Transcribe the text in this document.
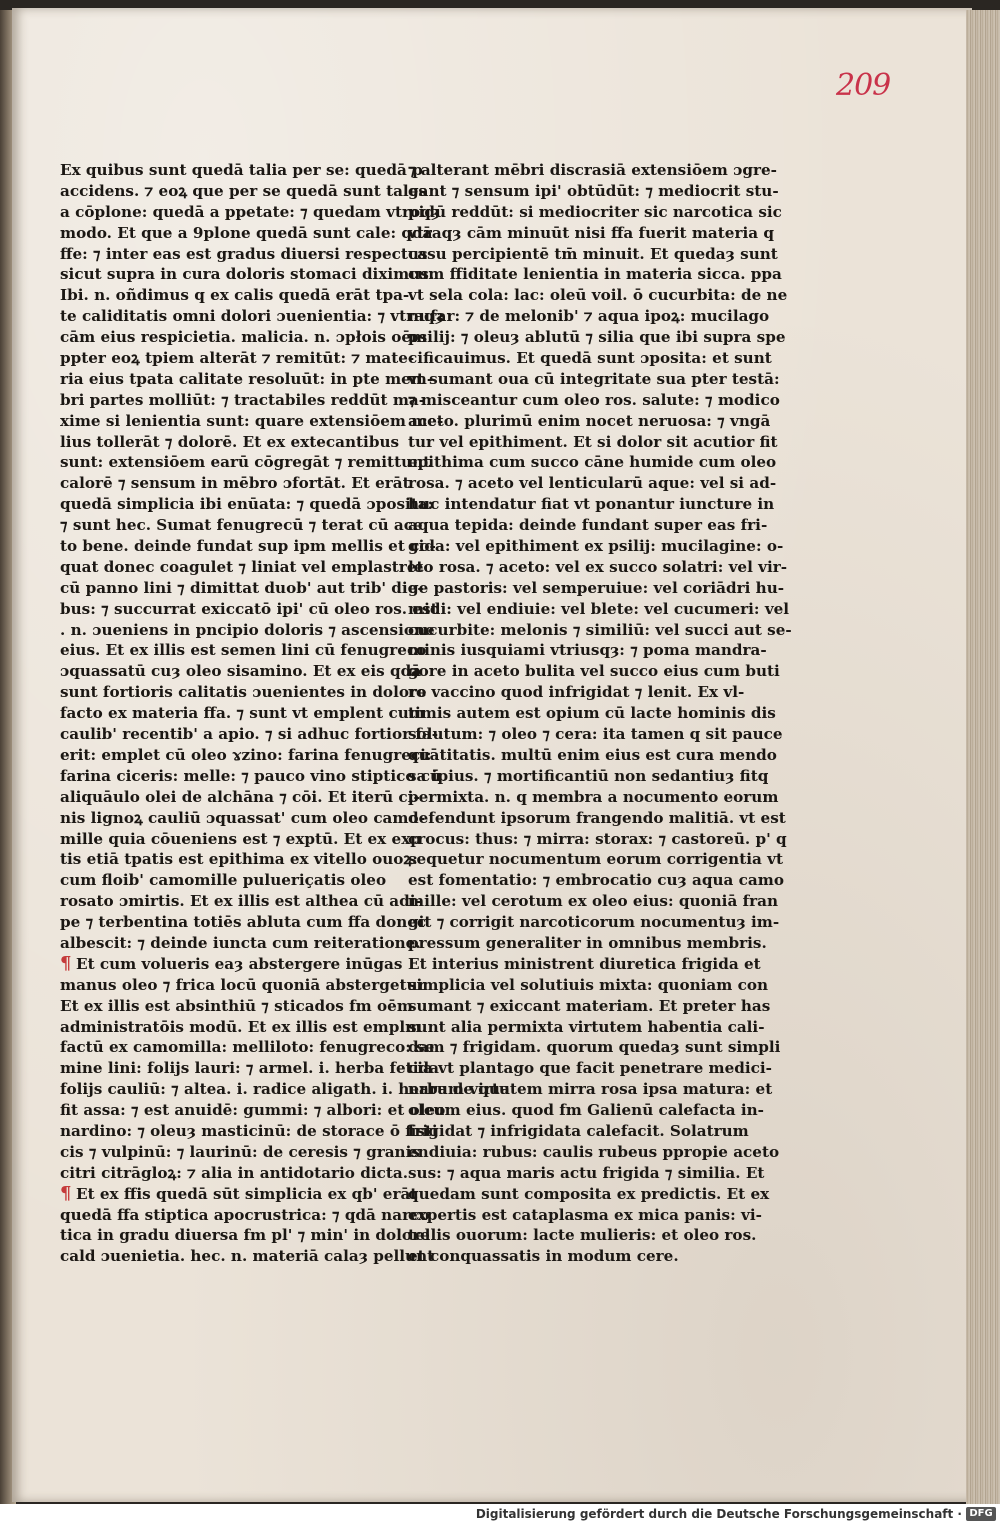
209
Ex quibus sunt quedā talia per se: quedā p
accidens. ⁊ eoꝝ que per se quedā sunt tales
a cōplone: quedā a ppetate: ⁊ quedam vtroqȝ
modo. Et que a 9plone quedā sunt cale: qdā
ffe: ⁊ inter eas est gradus diuersi respectus
sicut supra in cura doloris stomaci diximus.
Ibi. n. oñdimus q ex calis quedā erāt tpa-
te caliditatis omni dolori ɔuenientia: ⁊ vtraqȝ
cām eius respicietia. malicia. n. ɔpłois oēm
ppter eoꝝ tpiem alterāt ⁊ remitūt: ⁊ mate-
ria eius tpata calitate resoluūt: in pte mem-
bri partes molliūt: ⁊ tractabiles reddūt ma-
xime si lenientia sunt: quare extensiōem me-
lius tollerāt ⁊ dolorē. Et ex extecantibus
sunt: extensiōem earū cōgregāt ⁊ remittunt
calorē ⁊ sensum in mēbro ɔfortāt. Et erāt
quedā simplicia ibi enūata: ⁊ quedā ɔposita:
⁊ sunt hec. Sumat fenugrecū ⁊ terat cū ace
to bene. deinde fundat sup ipm mellis et co-
quat donec coagulet ⁊ liniat vel emplastret
cū panno lini ⁊ dimittat duob' aut trib' die-
bus: ⁊ succurrat exiccatō ipi' cū oleo ros. est
. n. ɔueniens in pncipio doloris ⁊ ascensione
eius. Et ex illis est semen lini cū fenugreco
ɔquassatū cuȝ oleo sisamino. Et ex eis qdā
sunt fortioris calitatis ɔuenientes in dolore
facto ex materia ffa. ⁊ sunt vt emplent cum
caulib' recentib' a apio. ⁊ si adhuc fortior fa-
erit: emplet cū oleo ɤzino: farina fenugreci:
farina ciceris: melle: ⁊ pauco vino stiptico cū
aliquāulo olei de alchāna ⁊ cōi. Et iterū ci-
nis lignoꝝ cauliū ɔquassat' cum oleo camo-
mille quia cōueniens est ⁊ exptū. Et ex exp
tis etiā tpatis est epithima ex vitello ouoꝝ:
cum floib' camomille pulueriçatis oleo
rosato ɔmirtis. Et ex illis est althea cū adi-
pe ⁊ terbentina totiēs abluta cum ffa donec
albescit: ⁊ deinde iuncta cum reiteratione.
¶ Et cum volueris eaȝ abstergere inūgas
manus oleo ⁊ frica locū quoniā abstergetur
Et ex illis est absinthiū ⁊ sticados fm oēm
administratōis modū. Et ex illis est emplm
factū ex camomilla: melliloto: fenugreco: se
mine lini: folijs lauri: ⁊ armel. i. herba fetida
folijs cauliū: ⁊ altea. i. radice aligath. i. herba de qua
fit assa: ⁊ est anuidē: gummi: ⁊ albori: et oleo
nardino: ⁊ oleuȝ masticinū: de storace ō fisti
cis ⁊ vulpinū: ⁊ laurinū: de ceresis ⁊ granis
citri citrāgloꝝ: ⁊ alia in antidotario dicta.
¶ Et ex ffis quedā sūt simplicia ex qb' erāt
quedā ffa stiptica apocrustrica: ⁊ qdā narco
tica in gradu diuersa fm pl' ⁊ min' in dolore
cald ɔuenietia. hec. n. materiā calaȝ pellunt
⁊ alterant mēbri discrasiā extensiōem ɔgre-
gant ⁊ sensum ipi' obtūdūt: ⁊ mediocrit stu-
pidū reddūt: si mediocriter sic narcotica sic
vtraqȝ cām minuūt nisi ffa fuerit materia q
casu percipientē tm̄ minuit. Et quedaȝ sunt
cum ffiditate lenientia in materia sicca. ppa
vt sela cola: lac: oleū voil. ō cucurbita: de ne
nufar: ⁊ de melonib' ⁊ aqua ipoꝝ: mucilago
psilij: ⁊ oleuȝ ablutū ⁊ silia que ibi supra spe
cificauimus. Et quedā sunt ɔposita: et sunt
vt sumant oua cū integritate sua pter testā:
⁊ misceantur cum oleo ros. salute: ⁊ modico
aceto. plurimū enim nocet neruosa: ⁊ vngā
tur vel epithiment. Et si dolor sit acutior fit
epithima cum succo cāne humide cum oleo
rosa. ⁊ aceto vel lenticularū aque: vel si ad-
huc intendatur fiat vt ponantur iuncture in
aqua tepida: deinde fundant super eas fri-
gida: vel epithiment ex psilij: mucilagine: o-
leo rosa. ⁊ aceto: vel ex succo solatri: vel vir-
ge pastoris: vel semperuiue: vel coriādri hu-
midi: vel endiuie: vel blete: vel cucumeri: vel
cucurbite: melonis ⁊ similiū: vel succi aut se-
minis iusquiami vtriusqȝ: ⁊ poma mandra-
gore in aceto bulita vel succo eius cum buti
ro vaccino quod infrigidat ⁊ lenit. Ex vl-
timis autem est opium cū lacte hominis dis
solutum: ⁊ oleo ⁊ cera: ita tamen q sit pauce
quātitatis. multū enim eius est cura mendo
sa ipius. ⁊ mortificantiū non sedantiuȝ fitq
permixta. n. q membra a nocumento eorum
defendunt ipsorum frangendo malitiā. vt est
crocus: thus: ⁊ mirra: storax: ⁊ castoreū. p' q
sequetur nocumentum eorum corrigentia vt
est fomentatio: ⁊ embrocatio cuȝ aqua camo
mille: vel cerotum ex oleo eius: quoniā fran
git ⁊ corrigit narcoticorum nocumentuȝ im-
pressum generaliter in omnibus membris.
Et interius ministrent diuretica frigida et
simplicia vel solutiuis mixta: quoniam con
sumant ⁊ exiccant materiam. Et preter has
sunt alia permixta virtutem habentia cali-
dam ⁊ frigidam. quorum quedaȝ sunt simpli
cia vt plantago que facit penetrare medici-
narum virtutem mirra rosa ipsa matura: et
oleum eius. quod fm Galienū calefacta in-
frigidat ⁊ infrigidata calefacit. Solatrum
endiuia: rubus: caulis rubeus ppropie aceto
sus: ⁊ aqua maris actu frigida ⁊ similia. Et
quedam sunt composita ex predictis. Et ex
expertis est cataplasma ex mica panis: vi-
tellis ouorum: lacte mulieris: et oleo ros.
et conquassatis in modum cere.
Digitalisierung gefördert durch die Deutsche Forschungsgemeinschaft · DFG
